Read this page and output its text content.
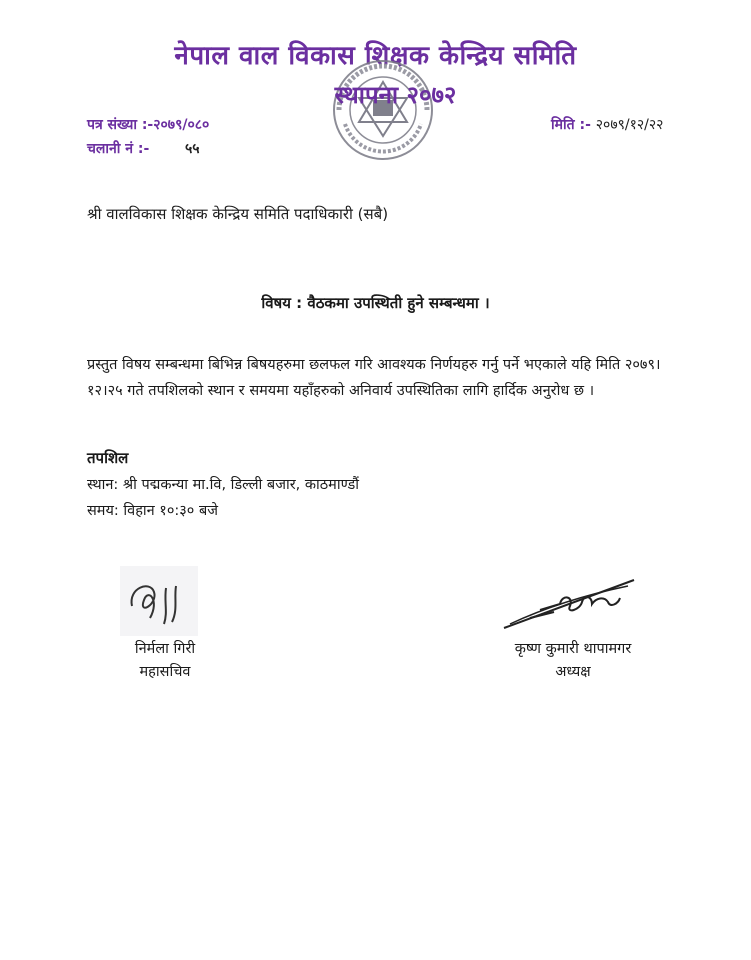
नेपाल वाल विकास शिक्षक केन्द्रिय समिति
स्थापना २०७२
पत्र संख्या :-२०७९/०८०
चलानी नं :-	५५
मिति :- २०७९/१२/२२
श्री वालविकास शिक्षक केन्द्रिय समिति पदाधिकारी (सबै)
विषय : वैठकमा उपस्थिती हुने सम्बन्धमा ।
प्रस्तुत विषय सम्बन्धमा बिभिन्न बिषयहरुमा छलफल गरि आवश्यक निर्णयहरु गर्नु पर्ने भएकाले यहि मिति २०७९।१२।२५ गते तपशिलको स्थान र समयमा यहाँहरुको अनिवार्य उपस्थितिका लागि हार्दिक अनुरोध छ ।
तपशिल
स्थान: श्री पद्मकन्या मा.वि, डिल्ली बजार, काठमाण्डौं
समय: विहान १०:३० बजे
निर्मला गिरी
महासचिव
कृष्ण कुमारी थापामगर
अध्यक्ष
